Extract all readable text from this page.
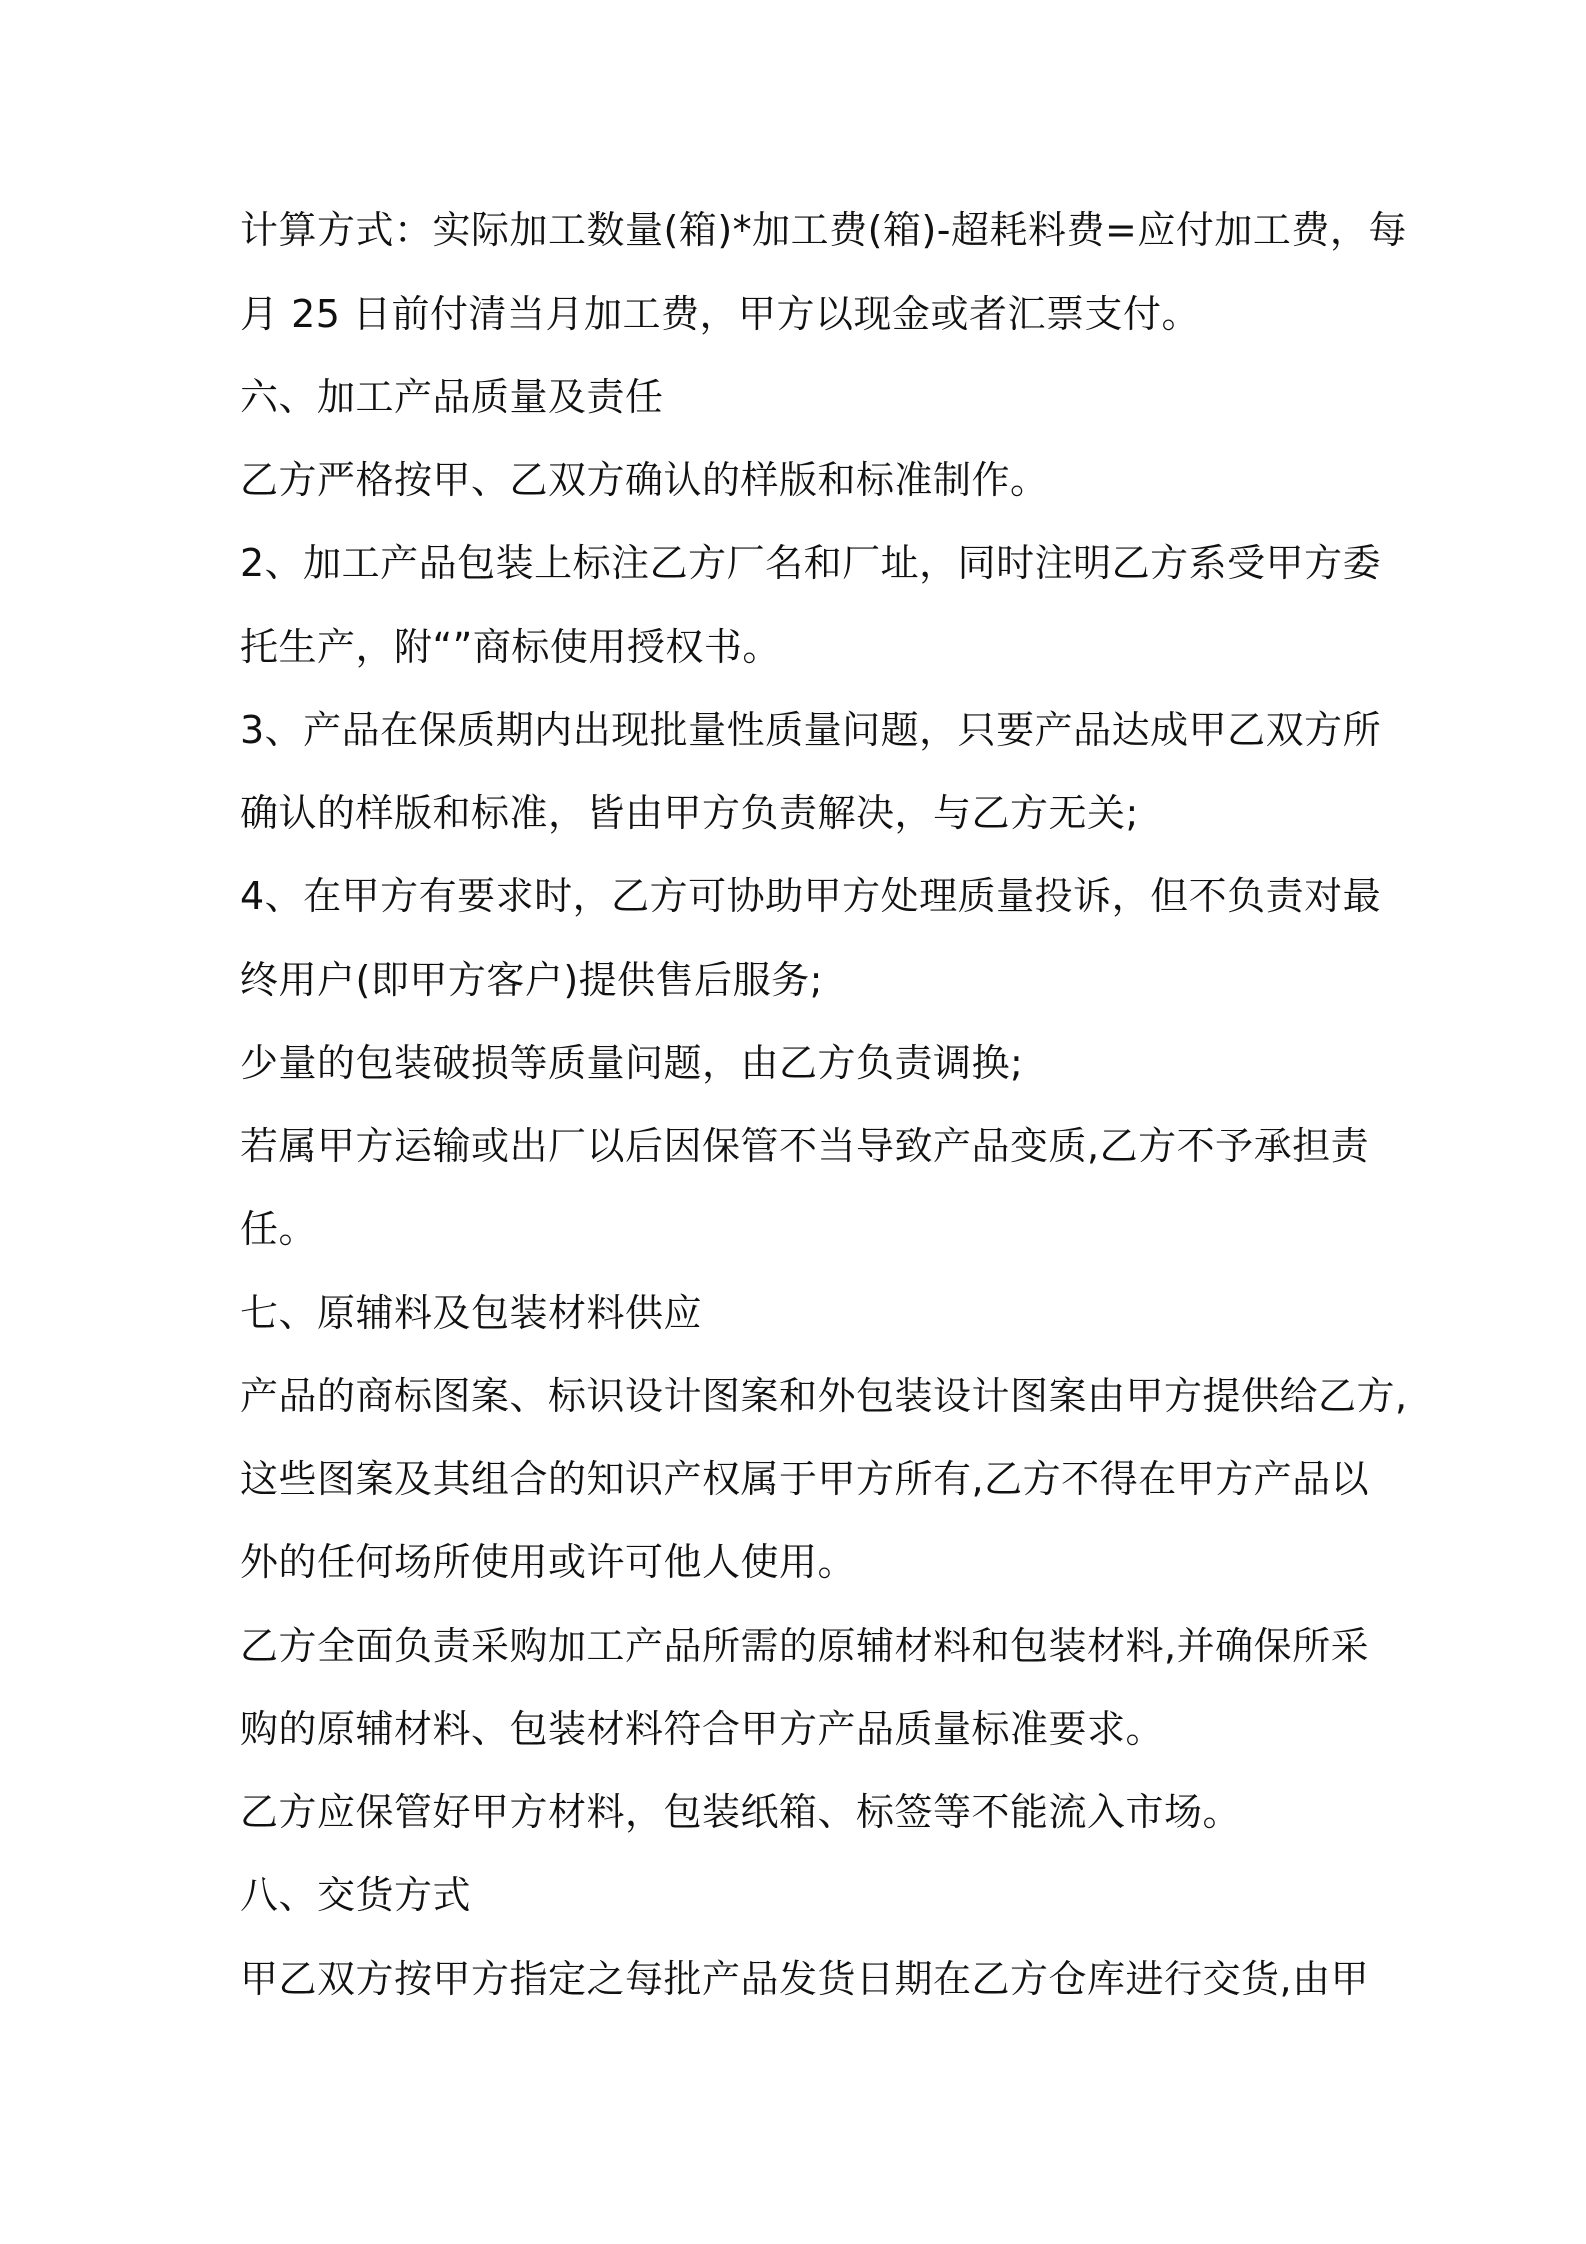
计算方式：实际加工数量(箱)*加工费(箱)-超耗料费=应付加工费，每
月 25 日前付清当月加工费，甲方以现金或者汇票支付。
六、加工产品质量及责任
乙方严格按甲、乙双方确认的样版和标准制作。
2、加工产品包装上标注乙方厂名和厂址，同时注明乙方系受甲方委
托生产，附“”商标使用授权书。
3、产品在保质期内出现批量性质量问题，只要产品达成甲乙双方所
确认的样版和标准，皆由甲方负责解决，与乙方无关;
4、在甲方有要求时，乙方可协助甲方处理质量投诉，但不负责对最
终用户(即甲方客户)提供售后服务;
少量的包装破损等质量问题，由乙方负责调换;
若属甲方运输或出厂以后因保管不当导致产品变质,乙方不予承担责
任。
七、原辅料及包装材料供应
产品的商标图案、标识设计图案和外包装设计图案由甲方提供给乙方,
这些图案及其组合的知识产权属于甲方所有,乙方不得在甲方产品以
外的任何场所使用或许可他人使用。
乙方全面负责采购加工产品所需的原辅材料和包装材料,并确保所采
购的原辅材料、包装材料符合甲方产品质量标准要求。
乙方应保管好甲方材料，包装纸箱、标签等不能流入市场。
八、交货方式
甲乙双方按甲方指定之每批产品发货日期在乙方仓库进行交货,由甲
